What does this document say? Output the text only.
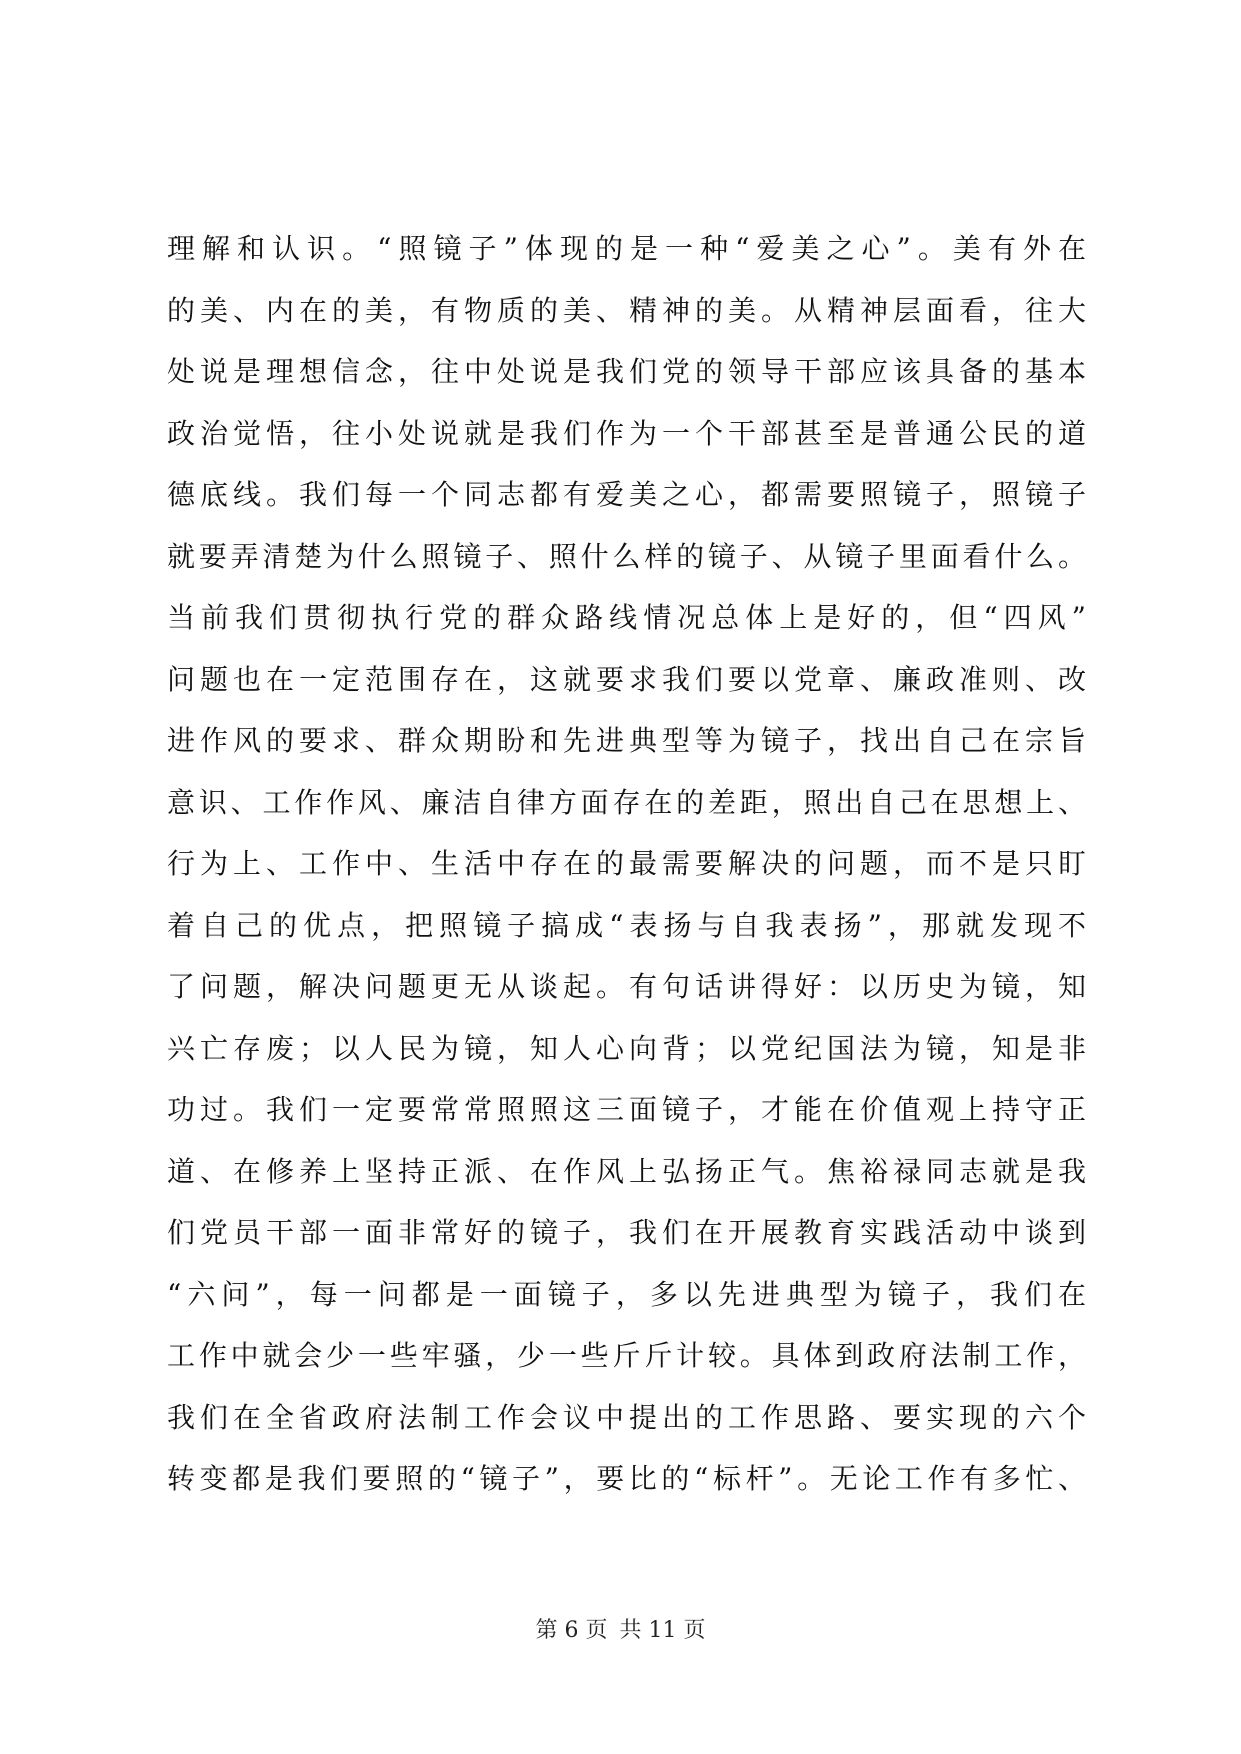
理解和认识。“照镜子”体现的是一种“爱美之心”。美有外在
的美、内在的美，有物质的美、精神的美。从精神层面看，往大
处说是理想信念，往中处说是我们党的领导干部应该具备的基本
政治觉悟，往小处说就是我们作为一个干部甚至是普通公民的道
德底线。我们每一个同志都有爱美之心，都需要照镜子，照镜子
就要弄清楚为什么照镜子、照什么样的镜子、从镜子里面看什么。
当前我们贯彻执行党的群众路线情况总体上是好的，但“四风”
问题也在一定范围存在，这就要求我们要以党章、廉政准则、改
进作风的要求、群众期盼和先进典型等为镜子，找出自己在宗旨
意识、工作作风、廉洁自律方面存在的差距，照出自己在思想上、
行为上、工作中、生活中存在的最需要解决的问题，而不是只盯
着自己的优点，把照镜子搞成“表扬与自我表扬”，那就发现不
了问题，解决问题更无从谈起。有句话讲得好：以历史为镜，知
兴亡存废；以人民为镜，知人心向背；以党纪国法为镜，知是非
功过。我们一定要常常照照这三面镜子，才能在价值观上持守正
道、在修养上坚持正派、在作风上弘扬正气。焦裕禄同志就是我
们党员干部一面非常好的镜子，我们在开展教育实践活动中谈到
“六问”，每一问都是一面镜子，多以先进典型为镜子，我们在
工作中就会少一些牢骚，少一些斤斤计较。具体到政府法制工作，
我们在全省政府法制工作会议中提出的工作思路、要实现的六个
转变都是我们要照的“镜子”，要比的“标杆”。无论工作有多忙、
第 6 页 共 11 页
